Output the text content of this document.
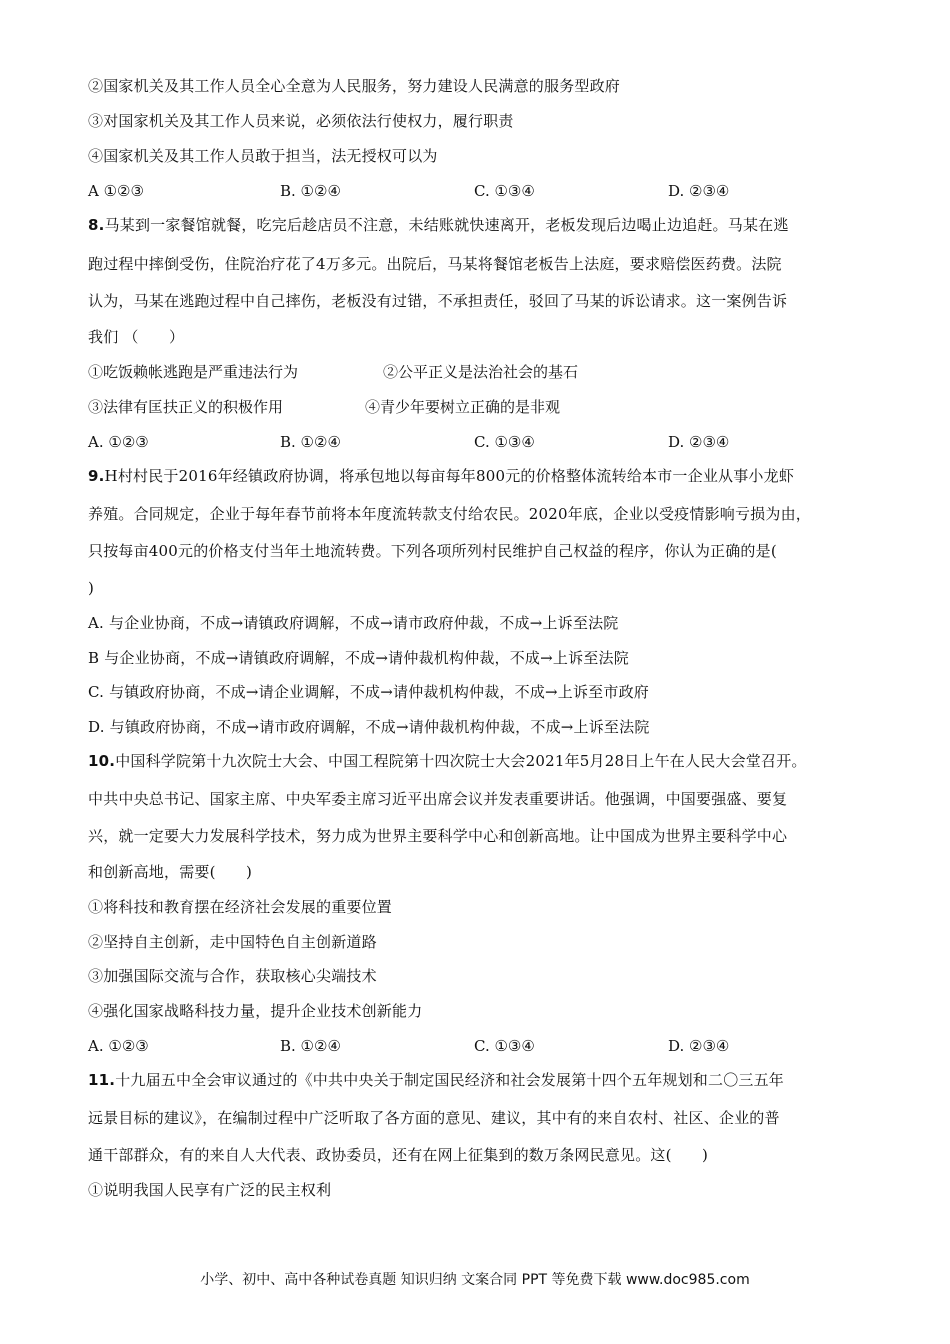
②国家机关及其工作人员全心全意为人民服务，努力建设人民满意的服务型政府
③对国家机关及其工作人员来说，必须依法行使权力，履行职责
④国家机关及其工作人员敢于担当，法无授权可以为
A ①②③	B. ①②④	C. ①③④	D. ②③④
8.马某到一家餐馆就餐，吃完后趁店员不注意，未结账就快速离开，老板发现后边喝止边追赶。马某在逃
跑过程中摔倒受伤，住院治疗花了4万多元。出院后，马某将餐馆老板告上法庭，要求赔偿医药费。法院
认为，马某在逃跑过程中自己摔伤，老板没有过错，不承担责任，驳回了马某的诉讼请求。这一案例告诉
我们 （　　）
①吃饭赖帐逃跑是严重违法行为	②公平正义是法治社会的基石
③法律有匡扶正义的积极作用	④青少年要树立正确的是非观
A. ①②③	B. ①②④	C. ①③④	D. ②③④
9.H村村民于2016年经镇政府协调，将承包地以每亩每年800元的价格整体流转给本市一企业从事小龙虾
养殖。合同规定，企业于每年春节前将本年度流转款支付给农民。2020年底，企业以受疫情影响亏损为由，
只按每亩400元的价格支付当年土地流转费。下列各项所列村民维护自己权益的程序，你认为正确的是(
)
A. 与企业协商，不成→请镇政府调解，不成→请市政府仲裁，不成→上诉至法院
B 与企业协商，不成→请镇政府调解，不成→请仲裁机构仲裁，不成→上诉至法院
C. 与镇政府协商，不成→请企业调解，不成→请仲裁机构仲裁，不成→上诉至市政府
D. 与镇政府协商，不成→请市政府调解，不成→请仲裁机构仲裁，不成→上诉至法院
10.中国科学院第十九次院士大会、中国工程院第十四次院士大会2021年5月28日上午在人民大会堂召开。
中共中央总书记、国家主席、中央军委主席习近平出席会议并发表重要讲话。他强调，中国要强盛、要复
兴，就一定要大力发展科学技术，努力成为世界主要科学中心和创新高地。让中国成为世界主要科学中心
和创新高地，需要(　　)
①将科技和教育摆在经济社会发展的重要位置
②坚持自主创新，走中国特色自主创新道路
③加强国际交流与合作，获取核心尖端技术
④强化国家战略科技力量，提升企业技术创新能力
A. ①②③	B. ①②④	C. ①③④	D. ②③④
11.十九届五中全会审议通过的《中共中央关于制定国民经济和社会发展第十四个五年规划和二〇三五年
远景目标的建议》，在编制过程中广泛听取了各方面的意见、建议，其中有的来自农村、社区、企业的普
通干部群众，有的来自人大代表、政协委员，还有在网上征集到的数万条网民意见。这(　　)
①说明我国人民享有广泛的民主权利
小学、初中、高中各种试卷真题 知识归纳 文案合同 PPT 等免费下载 www.doc985.com
